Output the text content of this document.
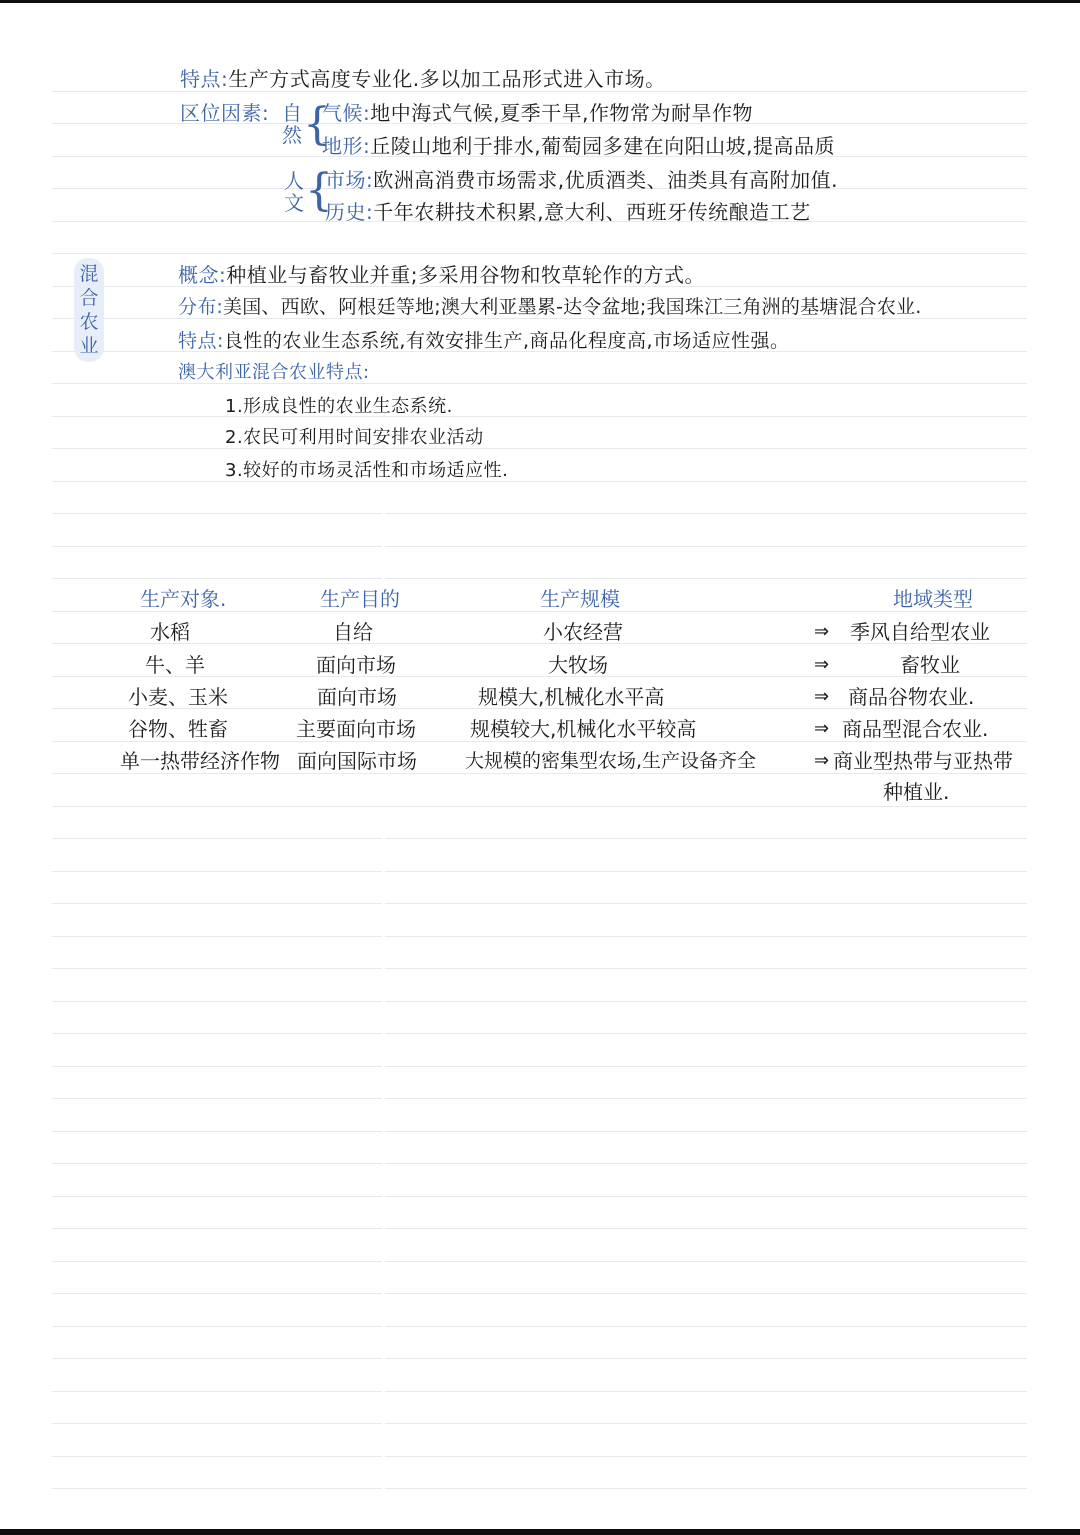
特点:生产方式高度专业化.多以加工品形式进入市场。
区位因素: 自然 {
气候:地中海式气候,夏季干旱,作物常为耐旱作物
地形:丘陵山地利于排水,葡萄园多建在向阳山坡,提高品质
人文 {
市场:欧洲高消费市场需求,优质酒类、油类具有高附加值.
历史:千年农耕技术积累,意大利、西班牙传统酿造工艺
混合农业
概念:种植业与畜牧业并重;多采用谷物和牧草轮作的方式。
分布:美国、西欧、阿根廷等地;澳大利亚墨累-达令盆地;我国珠江三角洲的基塘混合农业.
特点:良性的农业生态系统,有效安排生产,商品化程度高,市场适应性强。
澳大利亚混合农业特点:
1.形成良性的农业生态系统.
2.农民可利用时间安排农业活动
3.较好的市场灵活性和市场适应性.
生产对象.	生产目的	生产规模	地域类型
水稻	自给	小农经营	⇒ 季风自给型农业
牛、羊	面向市场	大牧场	⇒	畜牧业
小麦、玉米	面向市场	规模大,机械化水平高	⇒ 商品谷物农业.
谷物、牲畜	主要面向市场	规模较大,机械化水平较高	⇒ 商品型混合农业.
单一热带经济作物 面向国际市场	大规模的密集型农场,生产设备齐全	⇒ 商业型热带与亚热带
种植业.
